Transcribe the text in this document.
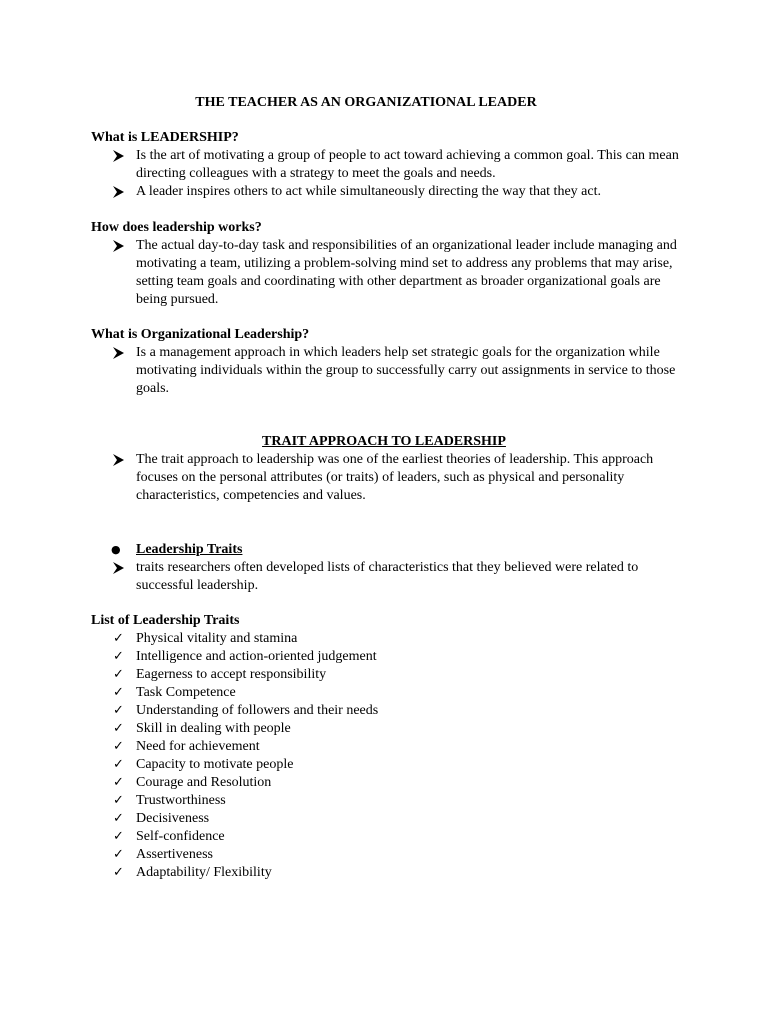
THE TEACHER AS AN ORGANIZATIONAL LEADER

What is LEADERSHIP?

Is the art of motivating a group of people to act toward achieving a common goal. This can mean directing colleagues with a strategy to meet the goals and needs.
A leader inspires others to act while simultaneously directing the way that they act.

How does leadership works?

The actual day-to-day task and responsibilities of an organizational leader include managing and motivating a team, utilizing a problem-solving mind set to address any problems that may arise, setting team goals and coordinating with other department as broader organizational goals are being pursued.

What is Organizational Leadership?

Is a management approach in which leaders help set strategic goals for the organization while motivating individuals within the group to successfully carry out assignments in service to those goals.

TRAIT APPROACH TO LEADERSHIP

The trait approach to leadership was one of the earliest theories of leadership. This approach focuses on the personal attributes (or traits) of leaders, such as physical and personality characteristics, competencies and values.
●	Leadership Traits
traits researchers often developed lists of characteristics that they believed were related to successful leadership.

List of Leadership Traits

✓ Physical vitality and stamina
✓ Intelligence and action-oriented judgement
✓ Eagerness to accept responsibility
✓ Task Competence
✓ Understanding of followers and their needs
✓ Skill in dealing with people
✓ Need for achievement
✓ Capacity to motivate people
✓ Courage and Resolution
✓ Trustworthiness
✓ Decisiveness
✓ Self-confidence
✓ Assertiveness
✓ Adaptability/ Flexibility
